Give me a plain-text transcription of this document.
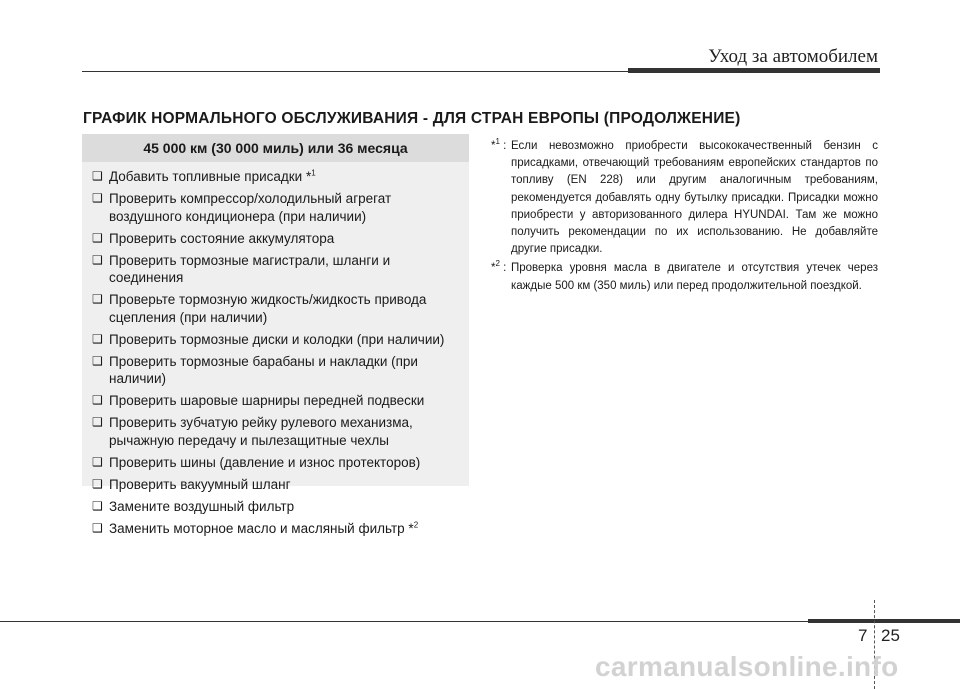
Уход за автомобилем
ГРАФИК НОРМАЛЬНОГО ОБСЛУЖИВАНИЯ - ДЛЯ СТРАН ЕВРОПЫ (ПРОДОЛЖЕНИЕ)
45 000 км (30 000 миль) или 36 месяца
❑ Добавить топливные присадки *$^1$
❑ Проверить компрессор/холодильный агрегат воздушного кондиционера (при наличии)
❑ Проверить состояние аккумулятора
❑ Проверить тормозные магистрали, шланги и соединения
❑ Проверьте тормозную жидкость/жидкость привода сцепления (при наличии)
❑ Проверить тормозные диски и колодки (при наличии)
❑ Проверить тормозные барабаны и накладки (при наличии)
❑ Проверить шаровые шарниры передней подвески
❑ Проверить зубчатую рейку рулевого механизма, рычажную передачу и пылезащитные чехлы
❑ Проверить шины (давление и износ протекторов)
❑ Проверить вакуумный шланг
❑ Замените воздушный фильтр
❑ Заменить моторное масло и масляный фильтр *$^2$
*$^1$ : Если невозможно приобрести высококачественный бензин с присадками, отвечающий требованиям европейских стандартов по топливу (EN 228) или другим аналогичным требованиям, рекомендуется добавлять одну бутылку присадки. Присадки можно приобрести у авторизованного дилера HYUNDAI. Там же можно получить рекомендации по их использованию. Не добавляйте другие присадки.
*$^2$ : Проверка уровня масла в двигателе и отсутствия утечек через каждые 500 км (350 миль) или перед продолжительной поездкой.
7 25
carmanualsonline.info
